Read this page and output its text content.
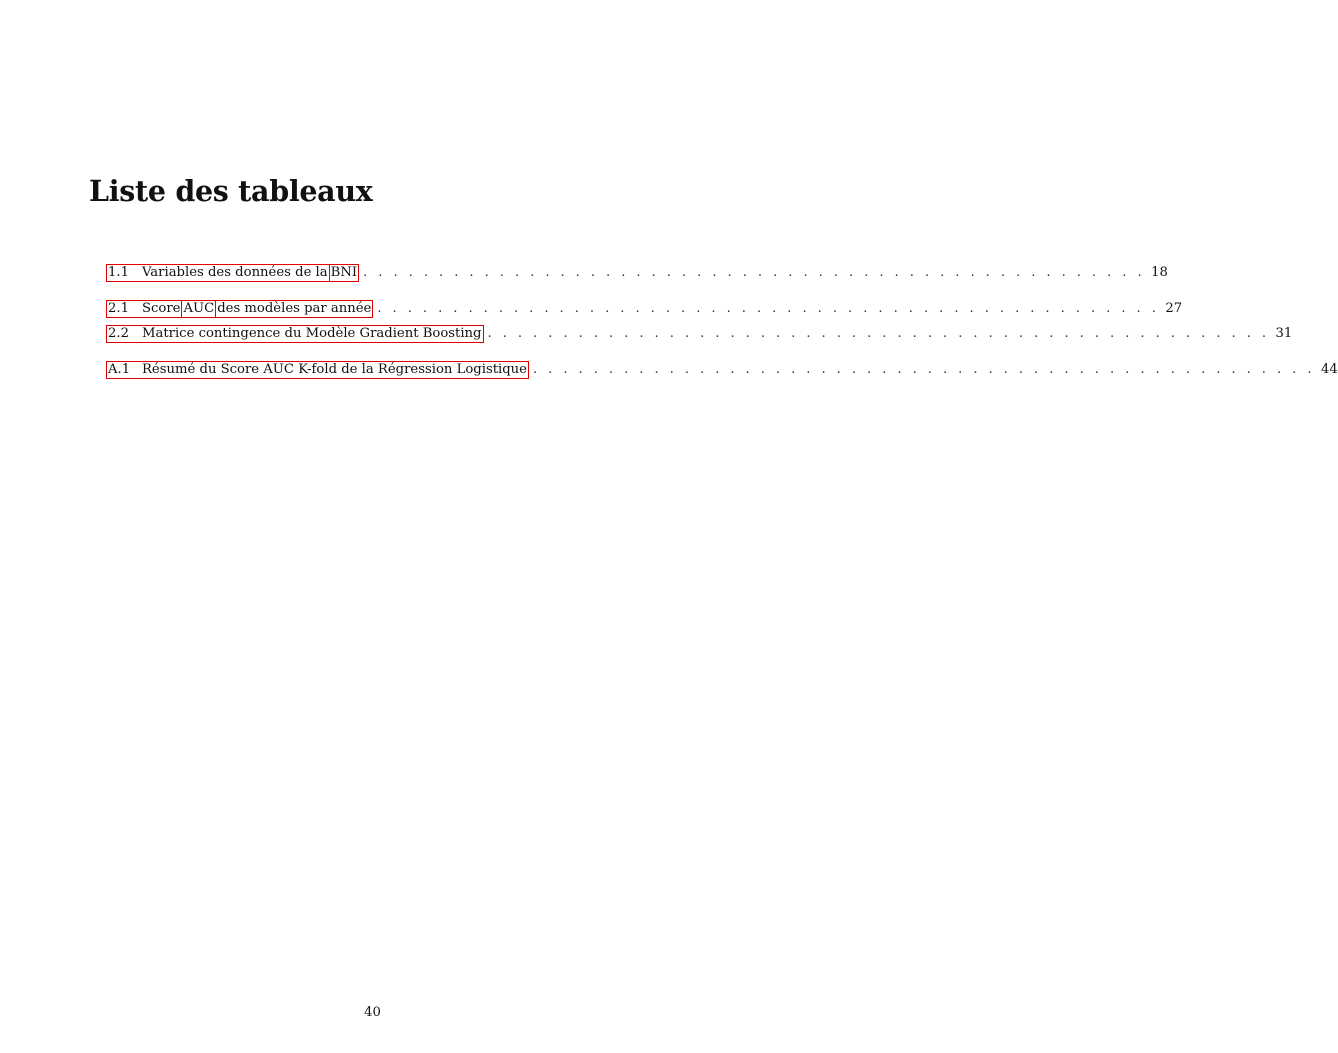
Liste des tableaux
1.1 Variables des données de la BNI . . . . . . . . . . . . . . . . . . . . . . . . . . . . . . . . . . . . . . . . . . . . . . . . . . . . 18
2.1 Score AUC des modèles par année . . . . . . . . . . . . . . . . . . . . . . . . . . . . . . . . . . . . . . . . . . . . . . . . . . . . 27
2.2 Matrice contingence du Modèle Gradient Boosting . . . . . . . . . . . . . . . . . . . . . . . . . . . . . . . . . . . . . . . . . . . . . . . . . . . . 31
A.1 Résumé du Score AUC K-fold de la Régression Logistique . . . . . . . . . . . . . . . . . . . . . . . . . . . . . . . . . . . . . . . . . . . . . . . . . . . . 44
40
